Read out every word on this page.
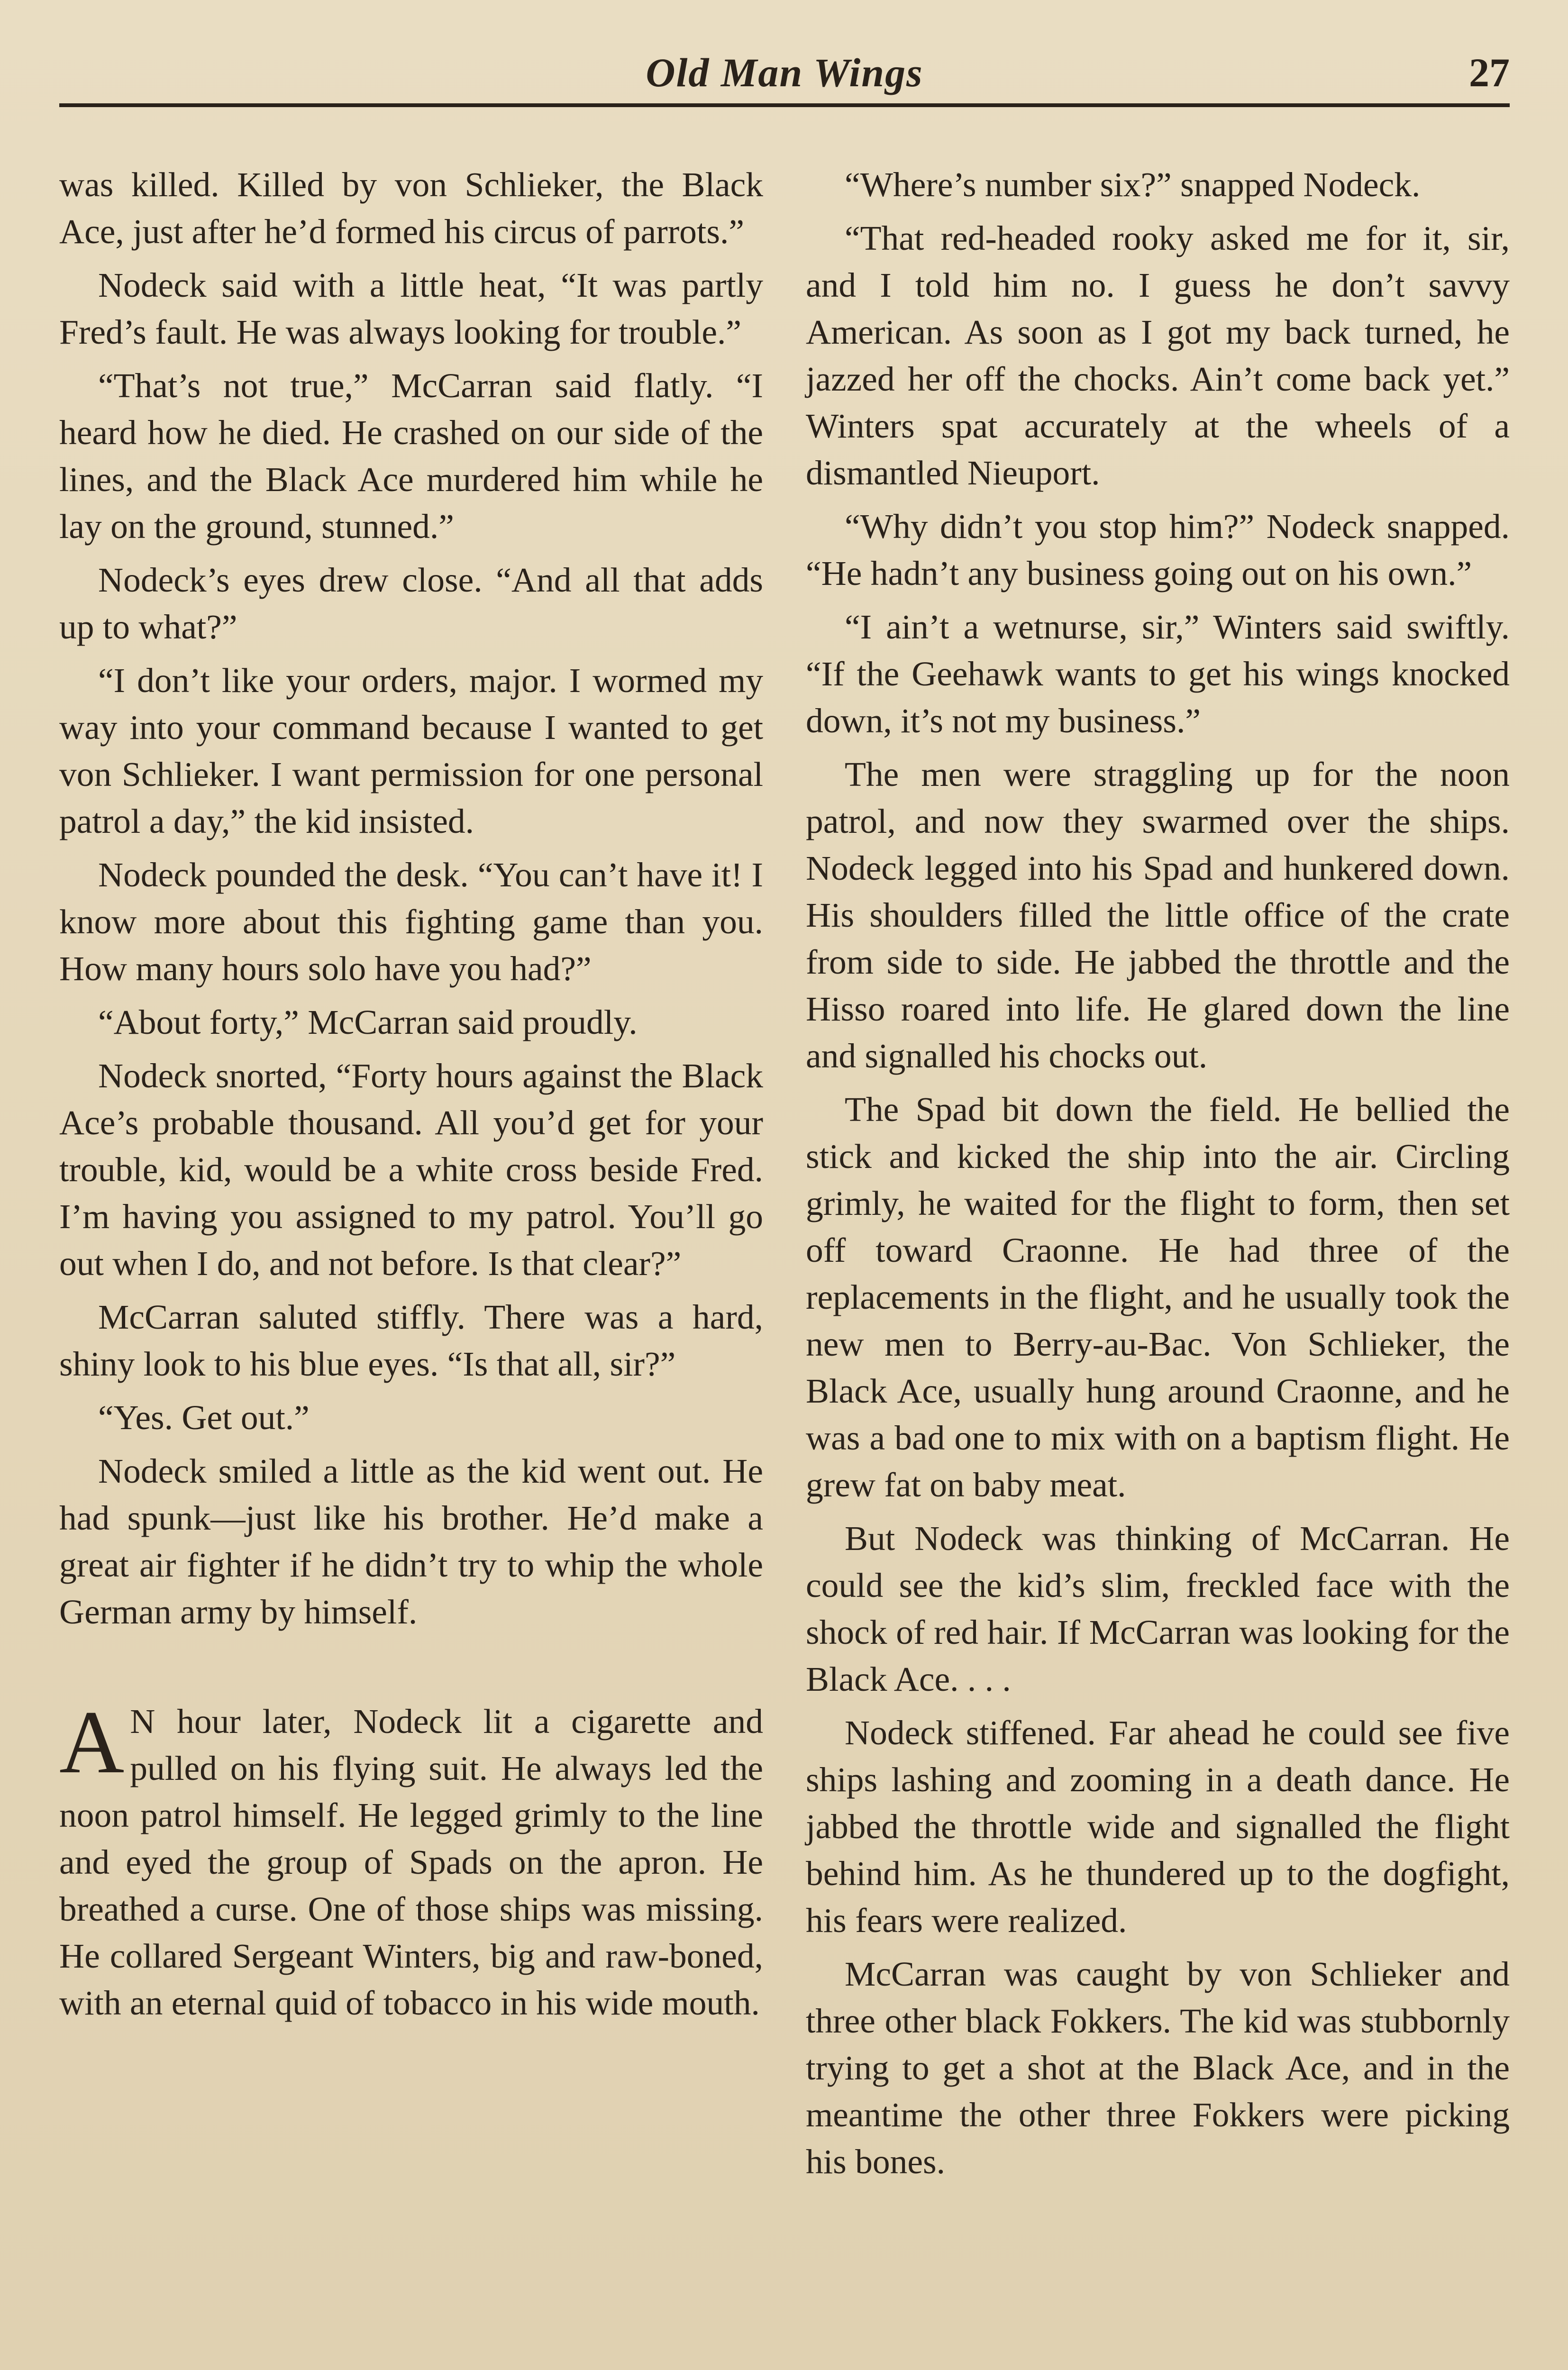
Old Man Wings	27

was killed. Killed by von Schlieker, the Black Ace, just after he’d formed his circus of parrots.”

Nodeck said with a little heat, “It was partly Fred’s fault. He was always looking for trouble.”

“That’s not true,” McCarran said flatly. “I heard how he died. He crashed on our side of the lines, and the Black Ace murdered him while he lay on the ground, stunned.”

Nodeck’s eyes drew close. “And all that adds up to what?”

“I don’t like your orders, major. I wormed my way into your command because I wanted to get von Schlieker. I want permission for one personal patrol a day,” the kid insisted.

Nodeck pounded the desk. “You can’t have it! I know more about this fighting game than you. How many hours solo have you had?”

“About forty,” McCarran said proudly.

Nodeck snorted, “Forty hours against the Black Ace’s probable thousand. All you’d get for your trouble, kid, would be a white cross beside Fred. I’m having you assigned to my patrol. You’ll go out when I do, and not before. Is that clear?”

McCarran saluted stiffly. There was a hard, shiny look to his blue eyes. “Is that all, sir?”

“Yes. Get out.”

Nodeck smiled a little as the kid went out. He had spunk—just like his brother. He’d make a great air fighter if he didn’t try to whip the whole German army by himself.

A N hour later, Nodeck lit a cigarette and pulled on his flying suit. He always led the noon patrol himself. He legged grimly to the line and eyed the group of Spads on the apron. He breathed a curse. One of those ships was missing. He collared Sergeant Winters, big and raw-boned, with an eternal quid of tobacco in his wide mouth.

“Where’s number six?” snapped Nodeck.

“That red-headed rooky asked me for it, sir, and I told him no. I guess he don’t savvy American. As soon as I got my back turned, he jazzed her off the chocks. Ain’t come back yet.” Winters spat accurately at the wheels of a dismantled Nieuport.

“Why didn’t you stop him?” Nodeck snapped. “He hadn’t any business going out on his own.”

“I ain’t a wetnurse, sir,” Winters said swiftly. “If the Geehawk wants to get his wings knocked down, it’s not my business.”

The men were straggling up for the noon patrol, and now they swarmed over the ships. Nodeck legged into his Spad and hunkered down. His shoulders filled the little office of the crate from side to side. He jabbed the throttle and the Hisso roared into life. He glared down the line and signalled his chocks out.

The Spad bit down the field. He bellied the stick and kicked the ship into the air. Circling grimly, he waited for the flight to form, then set off toward Craonne. He had three of the replacements in the flight, and he usually took the new men to Berry-au-Bac. Von Schlieker, the Black Ace, usually hung around Craonne, and he was a bad one to mix with on a baptism flight. He grew fat on baby meat.

But Nodeck was thinking of McCarran. He could see the kid’s slim, freckled face with the shock of red hair. If McCarran was looking for the Black Ace. . . .

Nodeck stiffened. Far ahead he could see five ships lashing and zooming in a death dance. He jabbed the throttle wide and signalled the flight behind him. As he thundered up to the dogfight, his fears were realized.

McCarran was caught by von Schlieker and three other black Fokkers. The kid was stubbornly trying to get a shot at the Black Ace, and in the meantime the other three Fokkers were picking his bones.
